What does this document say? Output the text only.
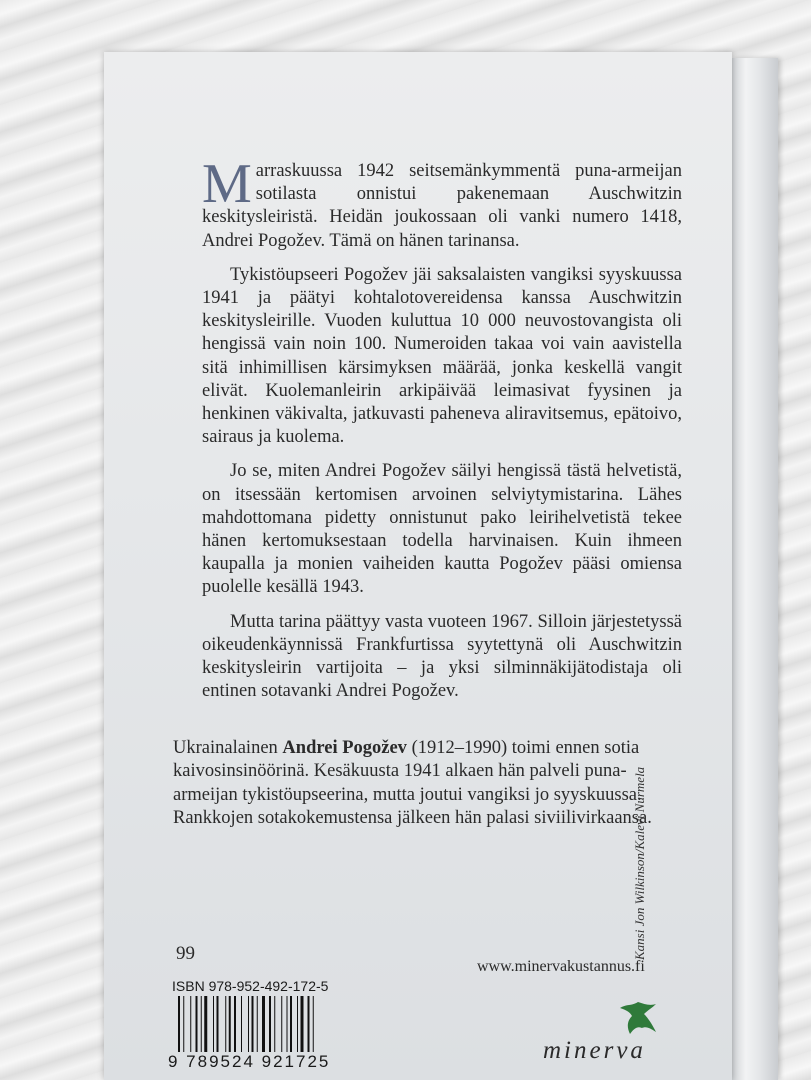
Marraskuussa 1942 seitsemänkymmentä puna-armeijan sotilasta onnistui pakenemaan Auschwitzin keskitysleiristä. Heidän joukossaan oli vanki numero 1418, Andrei Pogožev. Tämä on hänen tarinansa.

Tykistöupseeri Pogožev jäi saksalaisten vangiksi syyskuussa 1941 ja päätyi kohtalotovereidensa kanssa Auschwitzin keskitysleirille. Vuoden kuluttua 10 000 neuvostovangista oli hengissä vain noin 100. Numeroiden takaa voi vain aavistella sitä inhimillisen kärsimyksen määrää, jonka keskellä vangit elivät. Kuolemanleirin arkipäivää leimasivat fyysinen ja henkinen väkivalta, jatkuvasti paheneva aliravitsemus, epätoivo, sairaus ja kuolema.

Jo se, miten Andrei Pogožev säilyi hengissä tästä helvetistä, on itsessään kertomisen arvoinen selviytymistarina. Lähes mahdottomana pidetty onnistunut pako leirihelvetistä tekee hänen kertomuksestaan todella harvinaisen. Kuin ihmeen kaupalla ja monien vaiheiden kautta Pogožev pääsi omiensa puolelle kesällä 1943.

Mutta tarina päättyy vasta vuoteen 1967. Silloin järjestetyssä oikeudenkäynnissä Frankfurtissa syytettynä oli Auschwitzin keskitysleirin vartijoita – ja yksi silminnäkijätodistaja oli entinen sotavanki Andrei Pogožev.

Ukrainalainen Andrei Pogožev (1912–1990) toimi ennen sotia kaivosinsinöörinä. Kesäkuusta 1941 alkaen hän palveli puna-armeijan tykistöupseerina, mutta joutui vangiksi jo syyskuussa. Rankkojen sotakokemustensa jälkeen hän palasi siviilivirkaansa.

99
www.minervakustannus.fi
ISBN 978-952-492-172-5
9 789524 921725	minerva
Kansi Jon Wilkinson/Kalevi Nurmela
